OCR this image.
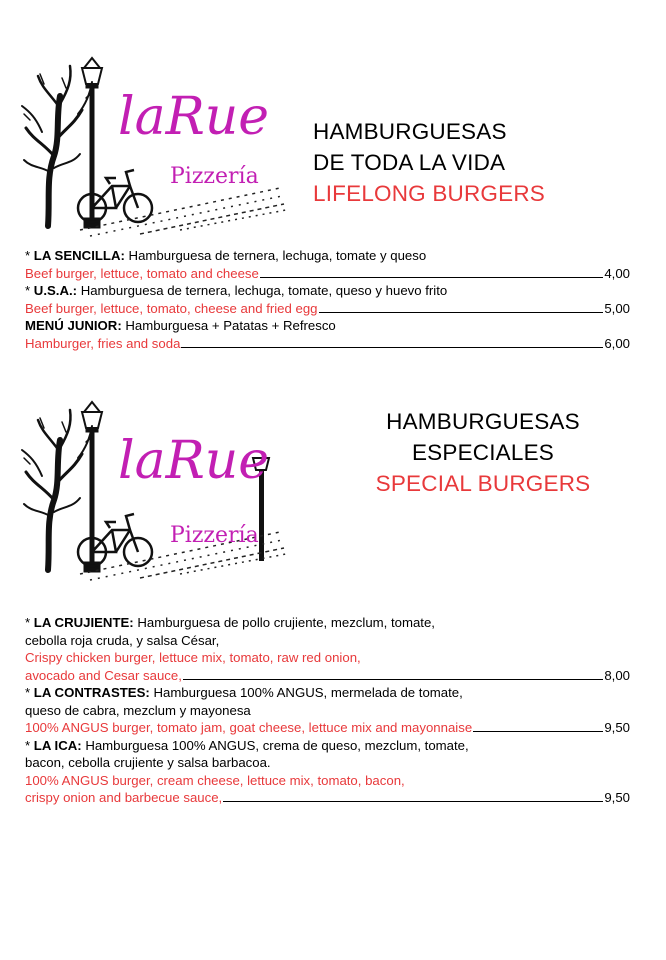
laRue
Pizzería
HAMBURGUESAS
DE TODA LA VIDA
LIFELONG BURGERS
* LA SENCILLA: Hamburguesa de ternera, lechuga, tomate y queso
Beef burger, lettuce, tomato and cheese	4,00
* U.S.A.: Hamburguesa de ternera, lechuga, tomate, queso y huevo frito
Beef burger, lettuce, tomato, cheese and fried egg	5,00
MENÚ JUNIOR: Hamburguesa + Patatas + Refresco
Hamburger, fries and soda	6,00
laRue
Pizzería
HAMBURGUESAS
ESPECIALES
SPECIAL BURGERS
* LA CRUJIENTE: Hamburguesa de pollo crujiente, mezclum, tomate,
cebolla roja cruda, y salsa César,
Crispy chicken burger, lettuce mix, tomato, raw red onion,
avocado and Cesar sauce,	8,00
* LA CONTRASTES: Hamburguesa 100% ANGUS, mermelada de tomate,
queso de cabra, mezclum y mayonesa
100% ANGUS burger, tomato jam, goat cheese, lettuce mix and mayonnaise	9,50
* LA ICA: Hamburguesa 100% ANGUS, crema de queso, mezclum, tomate,
bacon, cebolla crujiente y salsa barbacoa.
100% ANGUS burger, cream cheese, lettuce mix, tomato, bacon,
crispy onion and barbecue sauce,	9,50
